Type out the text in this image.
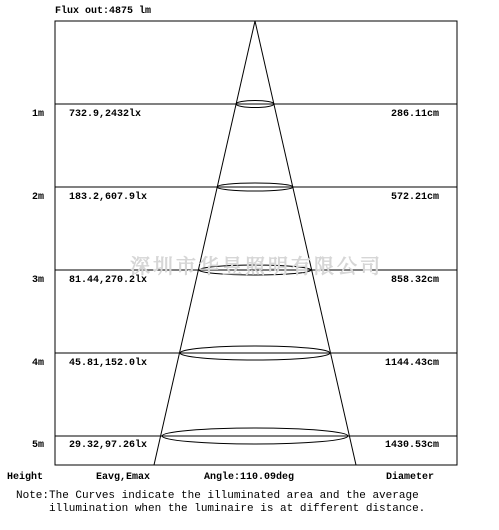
Flux out:4875 lm
深圳市华昱照明有限公司
1m 732.9,2432lx	286.11cm
2m 183.2,607.9lx	572.21cm
3m 81.44,270.2lx	858.32cm
4m 45.81,152.0lx	1144.43cm
5m 29.32,97.26lx	1430.53cm
Height	Eavg,Emax	Angle:110.09deg	Diameter
Note:The Curves indicate the illuminated area and the average
illumination when the luminaire is at different distance.
